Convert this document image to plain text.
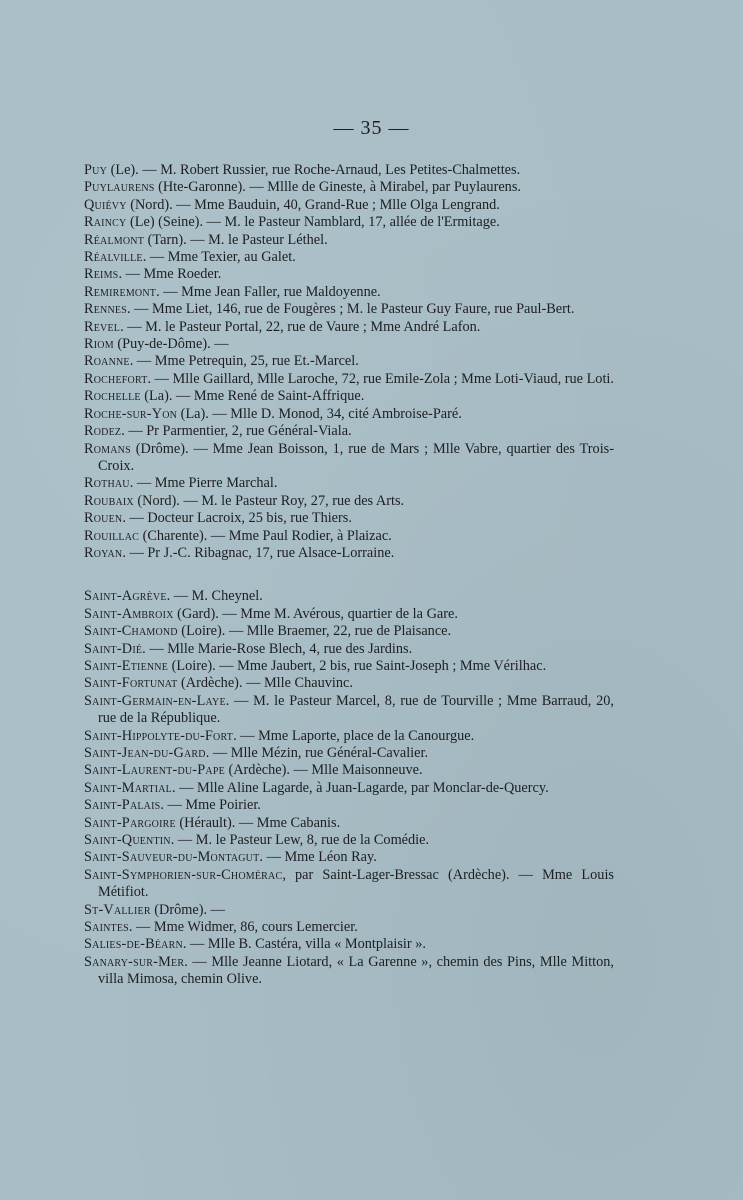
— 35 —

Puy (Le). — M. Robert Russier, rue Roche-Arnaud, Les Petites-Chalmettes.

Puylaurens (Hte-Garonne). — Mllle de Gineste, à Mirabel, par Puylaurens.

Quiévy (Nord). — Mme Bauduin, 40, Grand-Rue ; Mlle Olga Lengrand.

Raincy (Le) (Seine). — M. le Pasteur Namblard, 17, allée de l'Ermitage.

Réalmont (Tarn). — M. le Pasteur Léthel.

Réalville. — Mme Texier, au Galet.

Reims. — Mme Roeder.

Remiremont. — Mme Jean Faller, rue Maldoyenne.

Rennes. — Mme Liet, 146, rue de Fougères ; M. le Pasteur Guy Faure, rue Paul-Bert.

Revel. — M. le Pasteur Portal, 22, rue de Vaure ; Mme André Lafon.

Riom (Puy-de-Dôme). —

Roanne. — Mme Petrequin, 25, rue Et.-Marcel.

Rochefort. — Mlle Gaillard, Mlle Laroche, 72, rue Emile-Zola ; Mme Loti-Viaud, rue Loti.

Rochelle (La). — Mme René de Saint-Affrique.

Roche-sur-Yon (La). — Mlle D. Monod, 34, cité Ambroise-Paré.

Rodez. — Pr Parmentier, 2, rue Général-Viala.

Romans (Drôme). — Mme Jean Boisson, 1, rue de Mars ; Mlle Vabre, quartier des Trois-Croix.

Rothau. — Mme Pierre Marchal.

Roubaix (Nord). — M. le Pasteur Roy, 27, rue des Arts.

Rouen. — Docteur Lacroix, 25 bis, rue Thiers.

Rouillac (Charente). — Mme Paul Rodier, à Plaizac.

Royan. — Pr J.-C. Ribagnac, 17, rue Alsace-Lorraine.

Saint-Agrève. — M. Cheynel.

Saint-Ambroix (Gard). — Mme M. Avérous, quartier de la Gare.

Saint-Chamond (Loire). — Mlle Braemer, 22, rue de Plaisance.

Saint-Dié. — Mlle Marie-Rose Blech, 4, rue des Jardins.

Saint-Etienne (Loire). — Mme Jaubert, 2 bis, rue Saint-Joseph ; Mme Vérilhac.

Saint-Fortunat (Ardèche). — Mlle Chauvinc.

Saint-Germain-en-Laye. — M. le Pasteur Marcel, 8, rue de Tourville ; Mme Barraud, 20, rue de la République.

Saint-Hippolyte-du-Fort. — Mme Laporte, place de la Canourgue.

Saint-Jean-du-Gard. — Mlle Mézin, rue Général-Cavalier.

Saint-Laurent-du-Pape (Ardèche). — Mlle Maisonneuve.

Saint-Martial. — Mlle Aline Lagarde, à Juan-Lagarde, par Monclar-de-Quercy.

Saint-Palais. — Mme Poirier.

Saint-Pargoire (Hérault). — Mme Cabanis.

Saint-Quentin. — M. le Pasteur Lew, 8, rue de la Comédie.

Saint-Sauveur-du-Montagut. — Mme Léon Ray.

Saint-Symphorien-sur-Chomérac, par Saint-Lager-Bressac (Ardèche). — Mme Louis Métifiot.

St-Vallier (Drôme). —

Saintes. — Mme Widmer, 86, cours Lemercier.

Salies-de-Béarn. — Mlle B. Castéra, villa « Montplaisir ».

Sanary-sur-Mer. — Mlle Jeanne Liotard, « La Garenne », chemin des Pins, Mlle Mitton, villa Mimosa, chemin Olive.
